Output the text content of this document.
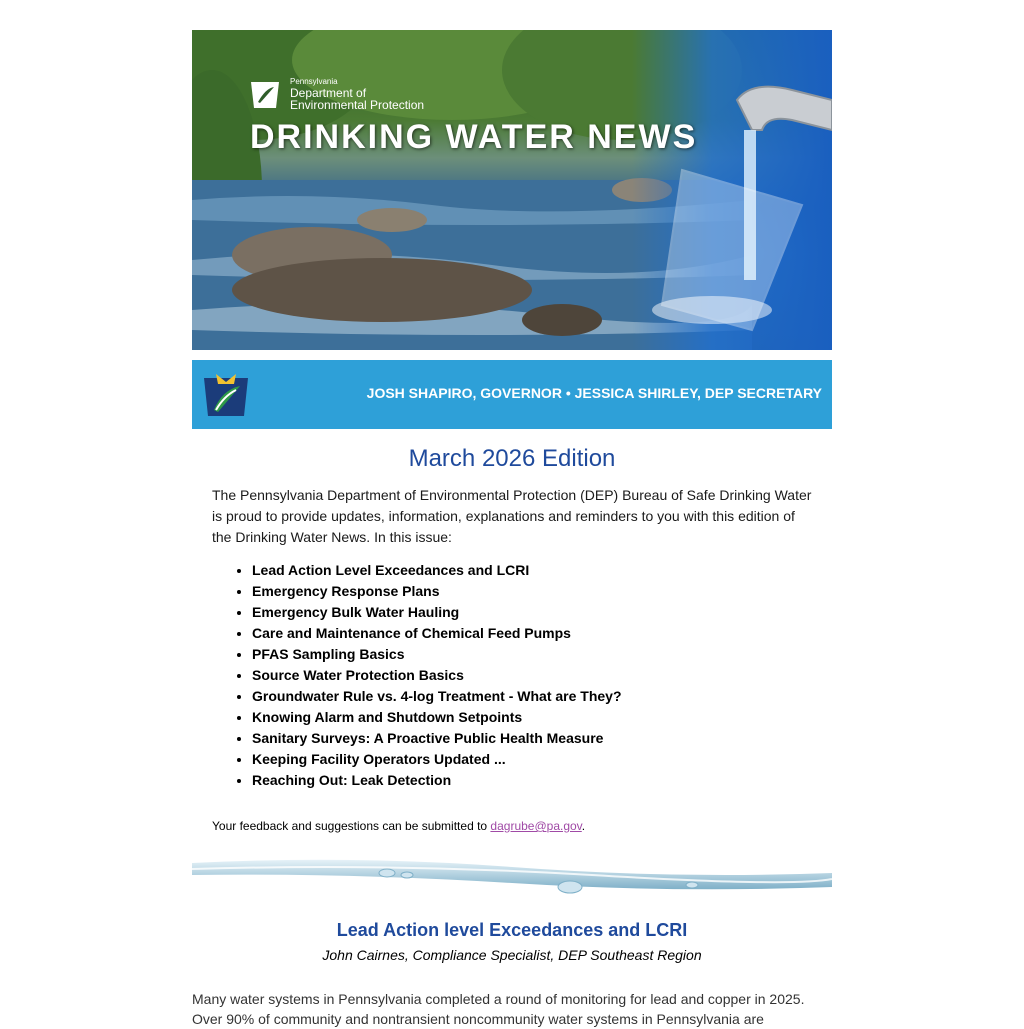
Pennsylvania
Department of
Environmental Protection
DRINKING WATER NEWS
JOSH SHAPIRO, GOVERNOR • JESSICA SHIRLEY, DEP SECRETARY
March 2026 Edition
The Pennsylvania Department of Environmental Protection (DEP) Bureau of Safe Drinking Water is proud to provide updates, information, explanations and reminders to you with this edition of the Drinking Water News. In this issue:
• Lead Action Level Exceedances and LCRI
• Emergency Response Plans
• Emergency Bulk Water Hauling
• Care and Maintenance of Chemical Feed Pumps
• PFAS Sampling Basics
• Source Water Protection Basics
• Groundwater Rule vs. 4-log Treatment - What are They?
• Knowing Alarm and Shutdown Setpoints
• Sanitary Surveys: A Proactive Public Health Measure
• Keeping Facility Operators Updated ...
• Reaching Out: Leak Detection
Your feedback and suggestions can be submitted to dagrube@pa.gov.
Lead Action level Exceedances and LCRI
John Cairnes, Compliance Specialist, DEP Southeast Region
Many water systems in Pennsylvania completed a round of monitoring for lead and copper in 2025. Over 90% of community and nontransient noncommunity water systems in Pennsylvania are
